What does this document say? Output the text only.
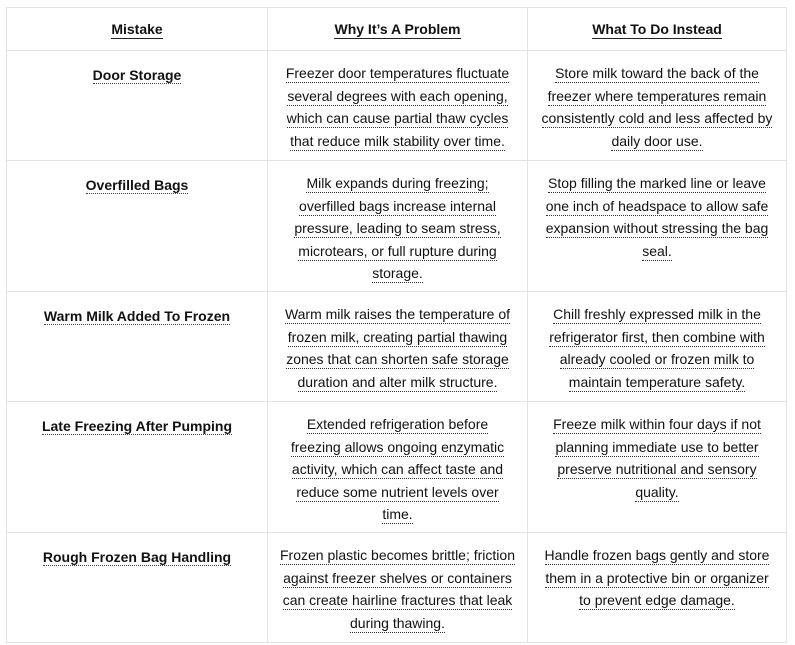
Mistake	Why It’s A Problem	What To Do Instead
Door Storage	Freezer door temperatures fluctuate several degrees with each opening, which can cause partial thaw cycles that reduce milk stability over time.	Store milk toward the back of the freezer where temperatures remain consistently cold and less affected by daily door use.
Overfilled Bags	Milk expands during freezing; overfilled bags increase internal pressure, leading to seam stress, microtears, or full rupture during storage.	Stop filling the marked line or leave one inch of headspace to allow safe expansion without stressing the bag seal.
Warm Milk Added To Frozen	Warm milk raises the temperature of frozen milk, creating partial thawing zones that can shorten safe storage duration and alter milk structure.	Chill freshly expressed milk in the refrigerator first, then combine with already cooled or frozen milk to maintain temperature safety.
Late Freezing After Pumping	Extended refrigeration before freezing allows ongoing enzymatic activity, which can affect taste and reduce some nutrient levels over time.	Freeze milk within four days if not planning immediate use to better preserve nutritional and sensory quality.
Rough Frozen Bag Handling	Frozen plastic becomes brittle; friction against freezer shelves or containers can create hairline fractures that leak during thawing.	Handle frozen bags gently and store them in a protective bin or organizer to prevent edge damage.
